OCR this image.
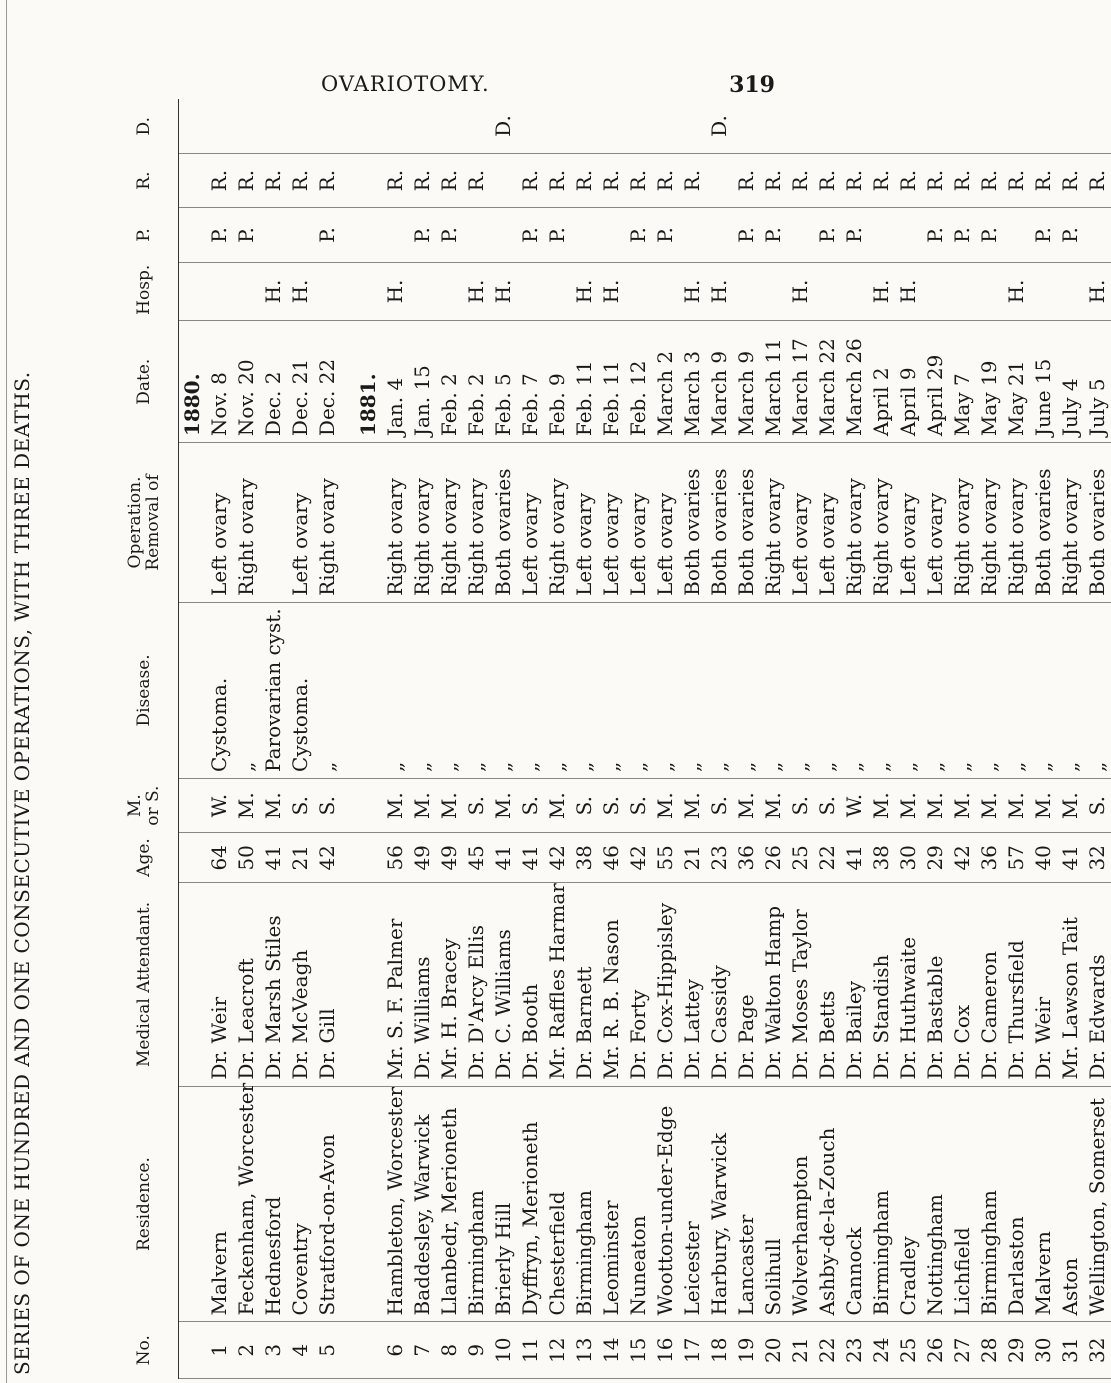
OVARIOTOMY.	319
SERIES OF ONE HUNDRED AND ONE CONSECUTIVE OPERATIONS, WITH THREE DEATHS.	No.	Residence.	Medical Attendant.	Age.	M. or S.	Disease.	Operation. Removal of	Date.	Hosp.	P.	R.	D.
							1880.				
1	Malvern	Dr. Weir	64	W.	Cystoma.	Left ovary	Nov. 8		P.	R.	
2	Feckenham, Worcester	Dr. Leacroft	50	M.	„	Right ovary	Nov. 20		P.	R.	
3	Hednesford	Dr. Marsh Stiles	41	M.	Parovarian cyst.		Dec. 2	H.		R.	
4	Coventry	Dr. McVeagh	21	S.	Cystoma.	Left ovary	Dec. 21	H.		R.	
5	Stratford-on-Avon	Dr. Gill	42	S.	„	Right ovary	Dec. 22		P.	R.	
							1881.				
6	Hambleton, Worcester	Mr. S. F. Palmer	56	M.	„	Right ovary	Jan. 4	H.		R.	
7	Baddesley, Warwick	Dr. Williams	49	M.	„	Right ovary	Jan. 15		P.	R.	
8	Llanbedr, Merioneth	Mr. H. Bracey	49	M.	„	Right ovary	Feb. 2		P.	R.	
9	Birmingham	Dr. D'Arcy Ellis	45	S.	„	Right ovary	Feb. 2	H.		R.	
10	Brierly Hill	Dr. C. Williams	41	M.	„	Both ovaries	Feb. 5	H.			D.
11	Dyffryn, Merioneth	Dr. Booth	41	S.	„	Left ovary	Feb. 7		P.	R.	
12	Chesterfield	Mr. Raffles Harmar	42	M.	„	Right ovary	Feb. 9		P.	R.	
13	Birmingham	Dr. Barnett	38	S.	„	Left ovary	Feb. 11	H.		R.	
14	Leominster	Mr. R. B. Nason	46	S.	„	Left ovary	Feb. 11	H.		R.	
15	Nuneaton	Dr. Forty	42	S.	„	Left ovary	Feb. 12		P.	R.	
16	Wootton-under-Edge	Dr. Cox-Hippisley	55	M.	„	Left ovary	March 2		P.	R.	
17	Leicester	Dr. Lattey	21	M.	„	Both ovaries	March 3	H.		R.	
18	Harbury, Warwick	Dr. Cassidy	23	S.	„	Both ovaries	March 9	H.			D.
19	Lancaster	Dr. Page	36	M.	„	Both ovaries	March 9		P.	R.	
20	Solihull	Dr. Walton Hamp	26	M.	„	Right ovary	March 11		P.	R.	
21	Wolverhampton	Dr. Moses Taylor	25	S.	„	Left ovary	March 17	H.		R.	
22	Ashby-de-la-Zouch	Dr. Betts	22	S.	„	Left ovary	March 22		P.	R.	
23	Cannock	Dr. Bailey	41	W.	„	Right ovary	March 26		P.	R.	
24	Birmingham	Dr. Standish	38	M.	„	Right ovary	April 2	H.		R.	
25	Cradley	Dr. Huthwaite	30	M.	„	Left ovary	April 9	H.		R.	
26	Nottingham	Dr. Bastable	29	M.	„	Left ovary	April 29		P.	R.	
27	Lichfield	Dr. Cox	42	M.	„	Right ovary	May 7		P.	R.	
28	Birmingham	Dr. Cameron	36	M.	„	Right ovary	May 19		P.	R.	
29	Darlaston	Dr. Thursfield	57	M.	„	Right ovary	May 21	H.		R.	
30	Malvern	Dr. Weir	40	M.	„	Both ovaries	June 15		P.	R.	
31	Aston	Mr. Lawson Tait	41	M.	„	Right ovary	July 4		P.	R.	
32	Wellington, Somerset	Dr. Edwards	32	S.	„	Both ovaries	July 5	H.		R.	
